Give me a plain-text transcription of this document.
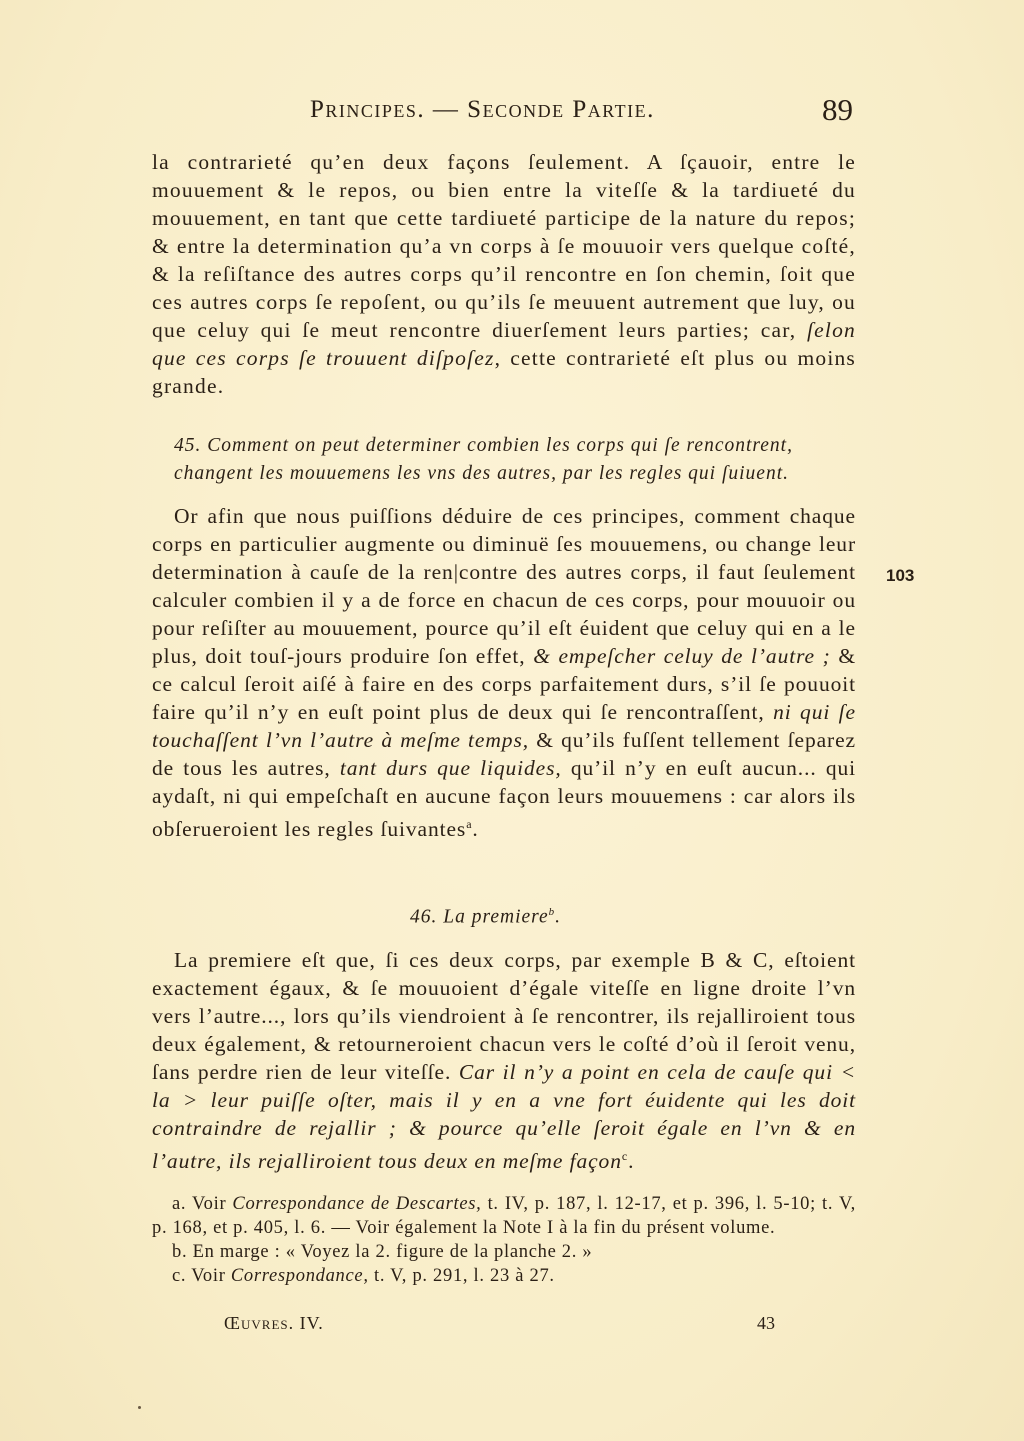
Principes. — Seconde Partie.	89

la contrarieté qu’en deux façons ſeulement. A ſçauoir, entre le mouuement & le repos, ou bien entre la viteſſe & la tardiueté du mouuement, en tant que cette tardiueté participe de la nature du repos; & entre la determination qu’a vn corps à ſe mouuoir vers quelque coſté, & la reſiſtance des autres corps qu’il rencontre en ſon chemin, ſoit que ces autres corps ſe repoſent, ou qu’ils ſe meuuent autrement que luy, ou que celuy qui ſe meut rencontre diuerſement leurs parties; car, ſelon que ces corps ſe trouuent diſpoſez, cette contrarieté eſt plus ou moins grande.

45. Comment on peut determiner combien les corps qui ſe rencontrent, changent les mouuemens les vns des autres, par les regles qui ſuiuent.

Or afin que nous puiſſions déduire de ces principes, comment chaque corps en particulier augmente ou diminuë ſes mouuemens, ou change leur determination à cauſe de la ren|contre des autres corps, il faut ſeulement calculer combien il y a de force en chacun de ces corps, pour mouuoir ou pour reſiſter au mouuement, pource qu’il eſt éuident que celuy qui en a le plus, doit touſ-jours produire ſon effet, & empeſcher celuy de l’autre ; & ce calcul ſeroit aiſé à faire en des corps parfaitement durs, s’il ſe pouuoit faire qu’il n’y en euſt point plus de deux qui ſe rencontraſſent, ni qui ſe touchaſſent l’vn l’autre à meſme temps, & qu’ils fuſſent tellement ſeparez de tous les autres, tant durs que liquides, qu’il n’y en euſt aucun... qui aydaſt, ni qui empeſchaſt en aucune façon leurs mouuemens : car alors ils obſerueroient les regles ſuivantes$^a$.

103
46. La premiere$^b$.

La premiere eſt que, ſi ces deux corps, par exemple B & C, eſtoient exactement égaux, & ſe mouuoient d’égale viteſſe en ligne droite l’vn vers l’autre..., lors qu’ils viendroient à ſe rencontrer, ils rejalliroient tous deux également, & retourneroient chacun vers le coſté d’où il ſeroit venu, ſans perdre rien de leur viteſſe. Car il n’y a point en cela de cauſe qui < la > leur puiſſe oſter, mais il y en a vne fort éuidente qui les doit contraindre de rejallir ; & pource qu’elle ſeroit égale en l’vn & en l’autre, ils rejalliroient tous deux en meſme façon$^c$.

a. Voir Correspondance de Descartes, t. IV, p. 187, l. 12-17, et p. 396, l. 5-10; t. V, p. 168, et p. 405, l. 6. — Voir également la Note I à la fin du présent volume.

b. En marge : « Voyez la 2. figure de la planche 2. »

c. Voir Correspondance, t. V, p. 291, l. 23 à 27.

Œuvres. IV.	43
